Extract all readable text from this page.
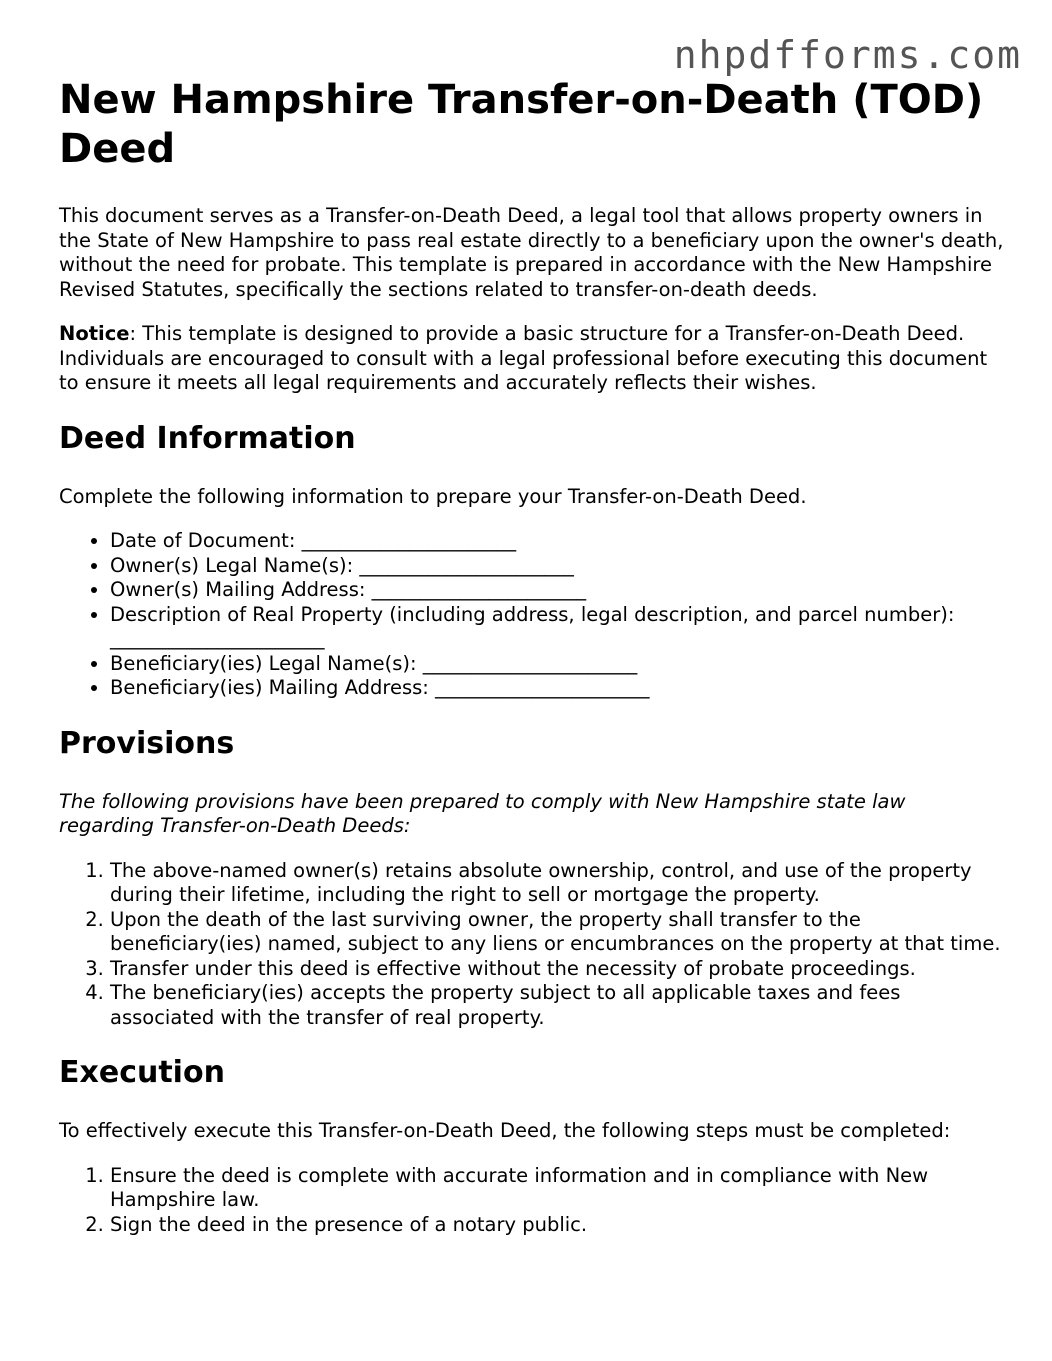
nhpdfforms.com
New Hampshire Transfer-on-Death (TOD) Deed

This document serves as a Transfer-on-Death Deed, a legal tool that allows property owners in the State of New Hampshire to pass real estate directly to a beneficiary upon the owner's death, without the need for probate. This template is prepared in accordance with the New Hampshire Revised Statutes, specifically the sections related to transfer-on-death deeds.

Notice: This template is designed to provide a basic structure for a Transfer-on-Death Deed. Individuals are encouraged to consult with a legal professional before executing this document to ensure it meets all legal requirements and accurately reflects their wishes.

Deed Information

Complete the following information to prepare your Transfer-on-Death Deed.

• Date of Document: ______________________
• Owner(s) Legal Name(s): ______________________
• Owner(s) Mailing Address: ______________________
• Description of Real Property (including address, legal description, and parcel number): ______________________
• Beneficiary(ies) Legal Name(s): ______________________
• Beneficiary(ies) Mailing Address: ______________________
Provisions

The following provisions have been prepared to comply with New Hampshire state law regarding Transfer-on-Death Deeds:

1. The above-named owner(s) retains absolute ownership, control, and use of the property during their lifetime, including the right to sell or mortgage the property.
2. Upon the death of the last surviving owner, the property shall transfer to the beneficiary(ies) named, subject to any liens or encumbrances on the property at that time.
3. Transfer under this deed is effective without the necessity of probate proceedings.
4. The beneficiary(ies) accepts the property subject to all applicable taxes and fees associated with the transfer of real property.
Execution

To effectively execute this Transfer-on-Death Deed, the following steps must be completed:

1. Ensure the deed is complete with accurate information and in compliance with New Hampshire law.
2. Sign the deed in the presence of a notary public.
